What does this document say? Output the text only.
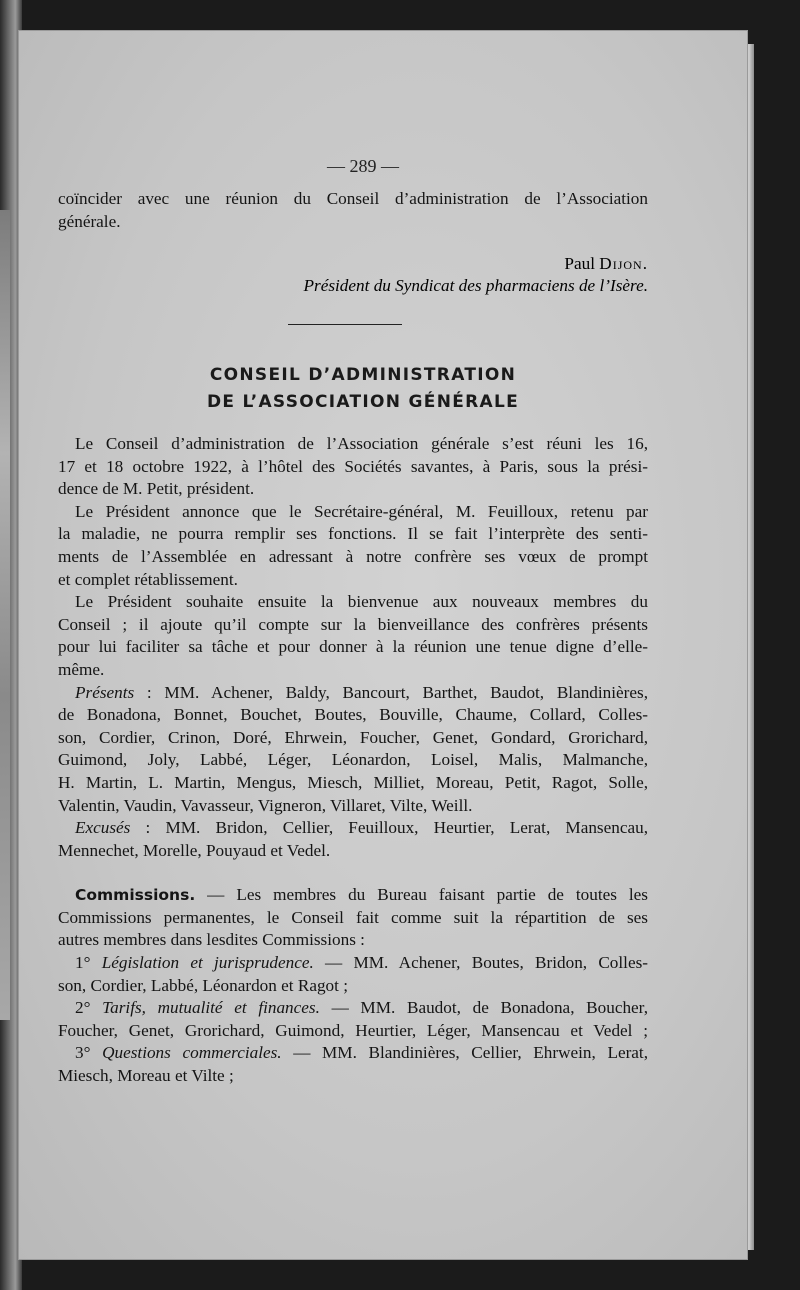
— 289 —
coïncider avec une réunion du Conseil d’administration de l’Association
générale.
Paul Dijon.
Président du Syndicat des pharmaciens de l’Isère.
CONSEIL D’ADMINISTRATION
DE L’ASSOCIATION GÉNÉRALE
Le Conseil d’administration de l’Association générale s’est réuni les 16,
17 et 18 octobre 1922, à l’hôtel des Sociétés savantes, à Paris, sous la prési-
dence de M. Petit, président.
Le Président annonce que le Secrétaire-général, M. Feuilloux, retenu par
la maladie, ne pourra remplir ses fonctions. Il se fait l’interprète des senti-
ments de l’Assemblée en adressant à notre confrère ses vœux de prompt
et complet rétablissement.
Le Président souhaite ensuite la bienvenue aux nouveaux membres du
Conseil ; il ajoute qu’il compte sur la bienveillance des confrères présents
pour lui faciliter sa tâche et pour donner à la réunion une tenue digne d’elle-
même.
Présents : MM. Achener, Baldy, Bancourt, Barthet, Baudot, Blandinières,
de Bonadona, Bonnet, Bouchet, Boutes, Bouville, Chaume, Collard, Colles-
son, Cordier, Crinon, Doré, Ehrwein, Foucher, Genet, Gondard, Grorichard,
Guimond, Joly, Labbé, Léger, Léonardon, Loisel, Malis, Malmanche,
H. Martin, L. Martin, Mengus, Miesch, Milliet, Moreau, Petit, Ragot, Solle,
Valentin, Vaudin, Vavasseur, Vigneron, Villaret, Vilte, Weill.
Excusés : MM. Bridon, Cellier, Feuilloux, Heurtier, Lerat, Mansencau,
Mennechet, Morelle, Pouyaud et Vedel.
Commissions. — Les membres du Bureau faisant partie de toutes les
Commissions permanentes, le Conseil fait comme suit la répartition de ses
autres membres dans lesdites Commissions :
1° Législation et jurisprudence. — MM. Achener, Boutes, Bridon, Colles-
son, Cordier, Labbé, Léonardon et Ragot ;
2° Tarifs, mutualité et finances. — MM. Baudot, de Bonadona, Boucher,
Foucher, Genet, Grorichard, Guimond, Heurtier, Léger, Mansencau et Vedel ;
3° Questions commerciales. — MM. Blandinières, Cellier, Ehrwein, Lerat,
Miesch, Moreau et Vilte ;
